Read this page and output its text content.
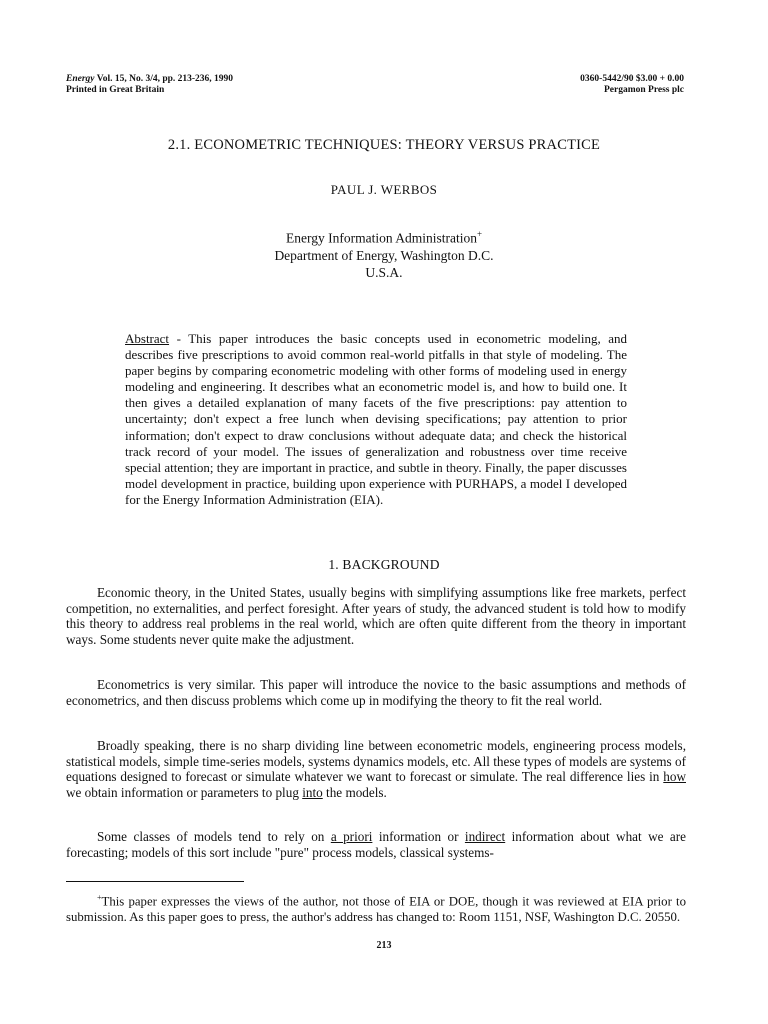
Energy Vol. 15, No. 3/4, pp. 213-236, 1990
Printed in Great Britain
0360-5442/90 $3.00 + 0.00
Pergamon Press plc
2.1. ECONOMETRIC TECHNIQUES: THEORY VERSUS PRACTICE
PAUL J. WERBOS
Energy Information Administration+
Department of Energy, Washington D.C.
U.S.A.
Abstract - This paper introduces the basic concepts used in econometric modeling, and describes five prescriptions to avoid common real-world pitfalls in that style of modeling. The paper begins by comparing econometric modeling with other forms of modeling used in energy modeling and engineering. It describes what an econometric model is, and how to build one. It then gives a detailed explanation of many facets of the five prescriptions: pay attention to uncertainty; don't expect a free lunch when devising specifications; pay attention to prior information; don't expect to draw conclusions without adequate data; and check the historical track record of your model. The issues of generalization and robustness over time receive special attention; they are important in practice, and subtle in theory. Finally, the paper discusses model development in practice, building upon experience with PURHAPS, a model I developed for the Energy Information Administration (EIA).
1. BACKGROUND
Economic theory, in the United States, usually begins with simplifying assumptions like free markets, perfect competition, no externalities, and perfect foresight. After years of study, the advanced student is told how to modify this theory to address real problems in the real world, which are often quite different from the theory in important ways. Some students never quite make the adjustment.
Econometrics is very similar. This paper will introduce the novice to the basic assumptions and methods of econometrics, and then discuss problems which come up in modifying the theory to fit the real world.
Broadly speaking, there is no sharp dividing line between econometric models, engineering process models, statistical models, simple time-series models, systems dynamics models, etc. All these types of models are systems of equations designed to forecast or simulate whatever we want to forecast or simulate. The real difference lies in how we obtain information or parameters to plug into the models.
Some classes of models tend to rely on a priori information or indirect information about what we are forecasting; models of this sort include "pure" process models, classical systems-
+This paper expresses the views of the author, not those of EIA or DOE, though it was reviewed at EIA prior to submission. As this paper goes to press, the author's address has changed to: Room 1151, NSF, Washington D.C. 20550.
213
